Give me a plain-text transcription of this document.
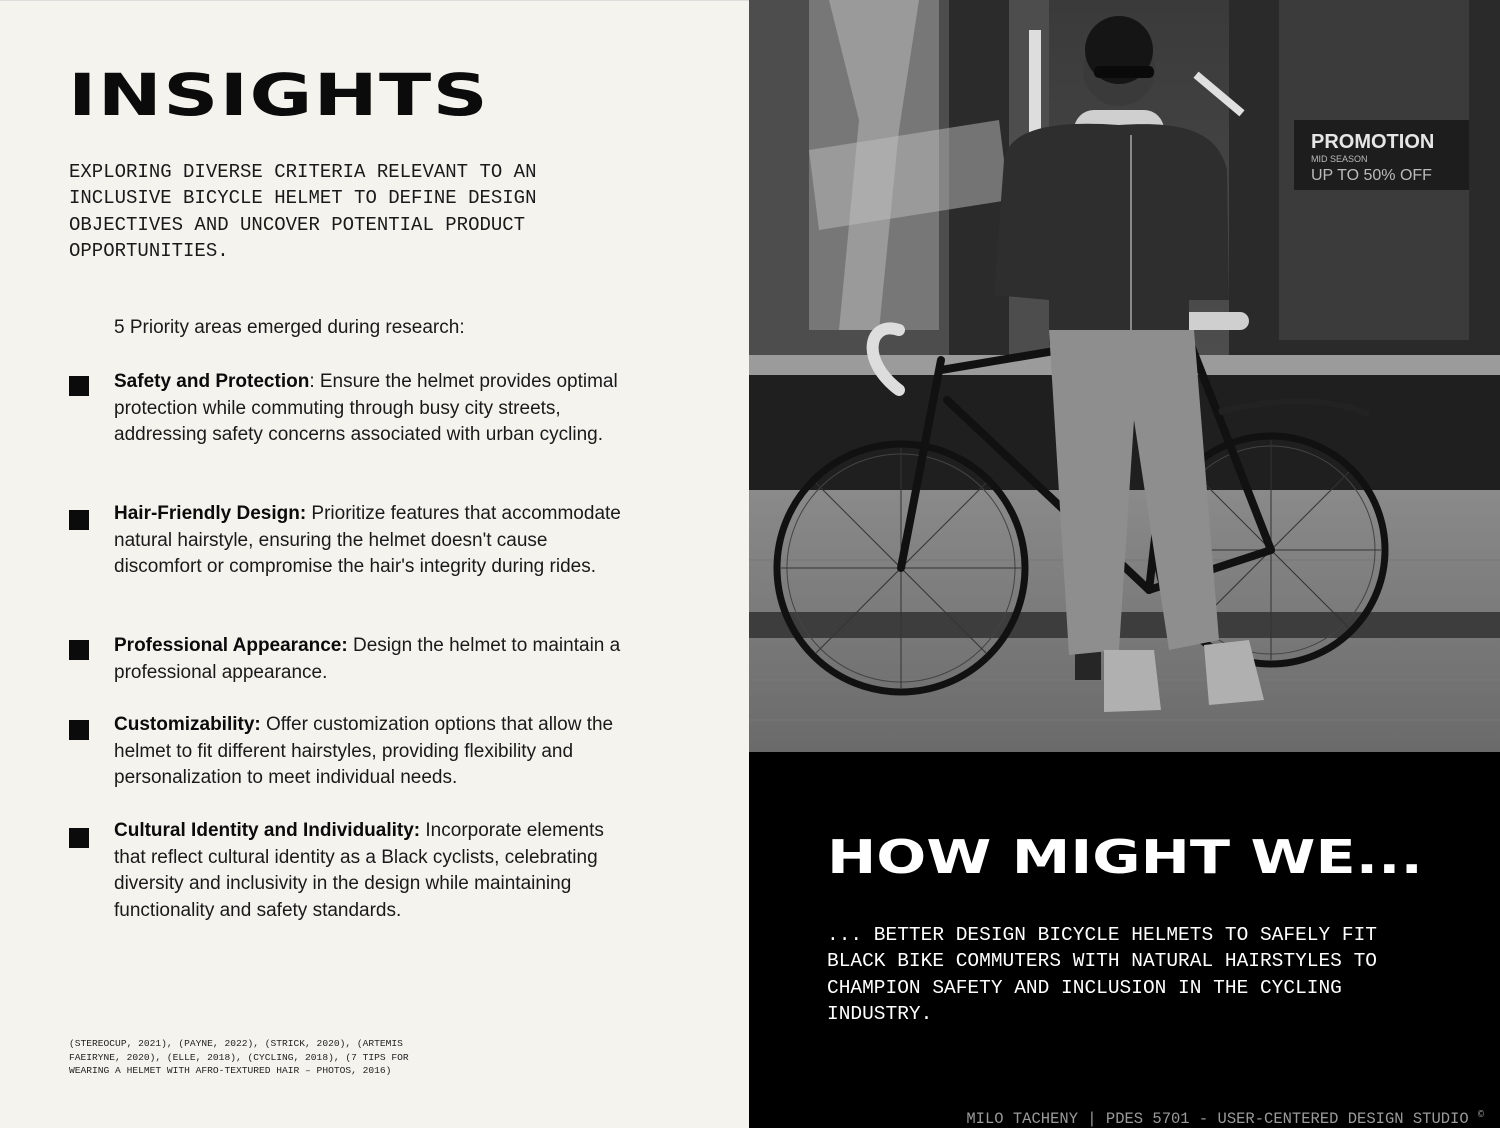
INSIGHTS
EXPLORING DIVERSE CRITERIA RELEVANT TO AN INCLUSIVE BICYCLE HELMET TO DEFINE DESIGN OBJECTIVES AND UNCOVER POTENTIAL PRODUCT OPPORTUNITIES.
5 Priority areas emerged during research:
Safety and Protection: Ensure the helmet provides optimal protection while commuting through busy city streets, addressing safety concerns associated with urban cycling.
Hair-Friendly Design: Prioritize features that accommodate natural hairstyle, ensuring the helmet doesn't cause discomfort or compromise the hair's integrity during rides.
Professional Appearance: Design the helmet to maintain a professional appearance.
Customizability: Offer customization options that allow the helmet to fit different hairstyles, providing flexibility and personalization to meet individual needs.
Cultural Identity and Individuality: Incorporate elements that reflect cultural identity as a Black cyclists, celebrating diversity and inclusivity in the design while maintaining functionality and safety standards.
(STEREOCUP, 2021), (PAYNE, 2022), (STRICK, 2020), (ARTEMIS FAEIRYNE, 2020), (ELLE, 2018), (CYCLING, 2018), (7 TIPS FOR WEARING A HELMET WITH AFRO-TEXTURED HAIR – PHOTOS, 2016)
PROMOTION
MID SEASON
UP TO 50% OFF
HOW MIGHT WE...
... BETTER DESIGN BICYCLE HELMETS TO SAFELY FIT BLACK BIKE COMMUTERS WITH NATURAL HAIRSTYLES TO CHAMPION SAFETY AND INCLUSION IN THE CYCLING INDUSTRY.
MILO TACHENY | PDES 5701 - USER-CENTERED DESIGN STUDIO ©
